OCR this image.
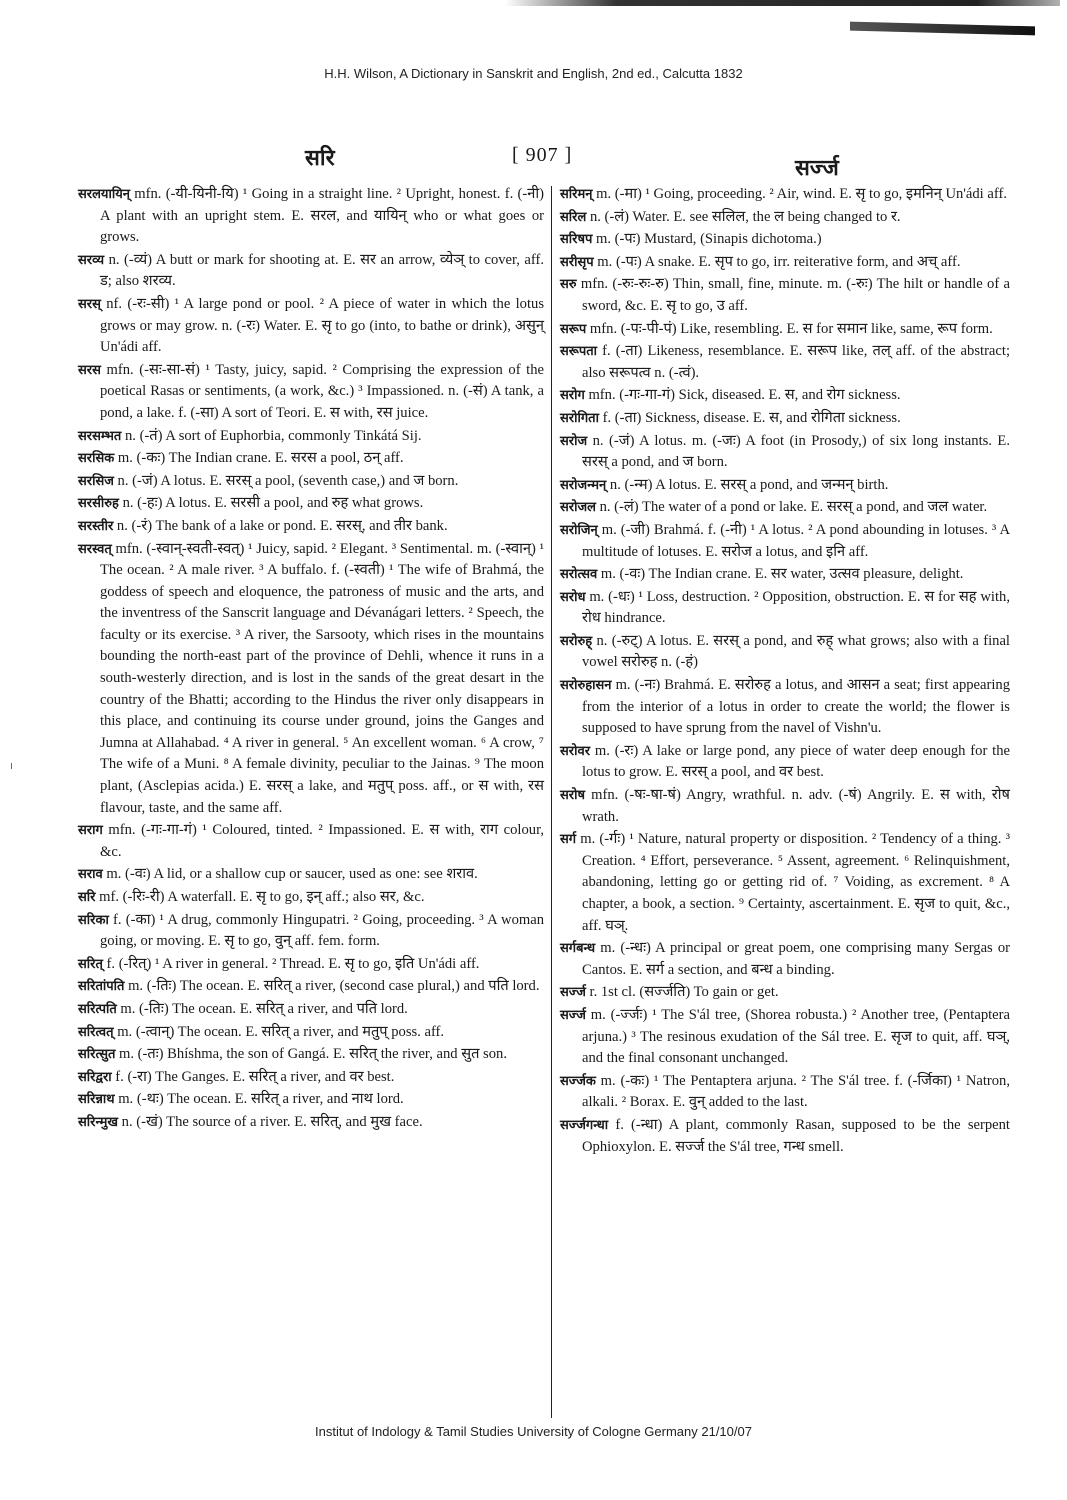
H.H. Wilson, A Dictionary in Sanskrit and English, 2nd ed., Calcutta 1832
सरि	[ 907 ]	सर्ज्ज

सरलयायिन् mfn. (-यी-यिनी-यि) ¹ Going in a straight line. ² Upright, honest. f. (-नी) A plant with an upright stem. E. सरल, and यायिन् who or what goes or grows.

सरव्य n. (-व्यं) A butt or mark for shooting at. E. सर an arrow, व्येञ् to cover, aff. ड; also शरव्य.

सरस् nf. (-रः-सी) ¹ A large pond or pool. ² A piece of water in which the lotus grows or may grow. n. (-रः) Water. E. सृ to go (into, to bathe or drink), असुन् Un'ádi aff.

सरस mfn. (-सः-सा-सं) ¹ Tasty, juicy, sapid. ² Comprising the expression of the poetical Rasas or sentiments, (a work, &c.) ³ Impassioned. n. (-सं) A tank, a pond, a lake. f. (-सा) A sort of Teori. E. स with, रस juice.

सरसम्भत n. (-तं) A sort of Euphorbia, commonly Tinkátá Sij.

सरसिक m. (-कः) The Indian crane. E. सरस a pool, ठन् aff.

सरसिज n. (-जं) A lotus. E. सरस् a pool, (seventh case,) and ज born.

सरसीरुह n. (-हः) A lotus. E. सरसी a pool, and रुह what grows.

सरस्तीर n. (-रं) The bank of a lake or pond. E. सरस्, and तीर bank.

सरस्वत् mfn. (-स्वान्-स्वती-स्वत्) ¹ Juicy, sapid. ² Elegant. ³ Sentimental. m. (-स्वान्) ¹ The ocean. ² A male river. ³ A buffalo. f. (-स्वती) ¹ The wife of Brahmá, the goddess of speech and eloquence, the patroness of music and the arts, and the inventress of the Sanscrit language and Dévanágari letters. ² Speech, the faculty or its exercise. ³ A river, the Sarsooty, which rises in the mountains bounding the north-east part of the province of Dehli, whence it runs in a south-westerly direction, and is lost in the sands of the great desart in the country of the Bhatti; according to the Hindus the river only disappears in this place, and continuing its course under ground, joins the Ganges and Jumna at Allahabad. ⁴ A river in general. ⁵ An excellent woman. ⁶ A crow, ⁷ The wife of a Muni. ⁸ A female divinity, peculiar to the Jainas. ⁹ The moon plant, (Asclepias acida.) E. सरस् a lake, and मतुप् poss. aff., or स with, रस flavour, taste, and the same aff.

सराग mfn. (-गः-गा-गं) ¹ Coloured, tinted. ² Impassioned. E. स with, राग colour, &c.

सराव m. (-वः) A lid, or a shallow cup or saucer, used as one: see शराव.

सरि mf. (-रिः-री) A waterfall. E. सृ to go, इन् aff.; also सर, &c.

सरिका f. (-का) ¹ A drug, commonly Hingupatri. ² Going, proceeding. ³ A woman going, or moving. E. सृ to go, वुन् aff. fem. form.

सरित् f. (-रित्) ¹ A river in general. ² Thread. E. सृ to go, इति Un'ádi aff.

सरितांपति m. (-तिः) The ocean. E. सरित् a river, (second case plural,) and पति lord.

सरित्पति m. (-तिः) The ocean. E. सरित् a river, and पति lord.

सरित्वत् m. (-त्वान्) The ocean. E. सरित् a river, and मतुप् poss. aff.

सरित्सुत m. (-तः) Bhíshma, the son of Gangá. E. सरित् the river, and सुत son.

सरिद्वरा f. (-रा) The Ganges. E. सरित् a river, and वर best.

सरिन्नाथ m. (-थः) The ocean. E. सरित् a river, and नाथ lord.

सरिन्मुख n. (-खं) The source of a river. E. सरित्, and मुख face.

सरिमन् m. (-मा) ¹ Going, proceeding. ² Air, wind. E. सृ to go, इमनिन् Un'ádi aff.

सरिल n. (-लं) Water. E. see सलिल, the ल being changed to र.

सरिषप m. (-पः) Mustard, (Sinapis dichotoma.)

सरीसृप m. (-पः) A snake. E. सृप to go, irr. reiterative form, and अच् aff.

सरु mfn. (-रुः-रुः-रु) Thin, small, fine, minute. m. (-रुः) The hilt or handle of a sword, &c. E. सृ to go, उ aff.

सरूप mfn. (-पः-पी-पं) Like, resembling. E. स for समान like, same, रूप form.

सरूपता f. (-ता) Likeness, resemblance. E. सरूप like, तल् aff. of the abstract; also सरूपत्व n. (-त्वं).

सरोग mfn. (-गः-गा-गं) Sick, diseased. E. स, and रोग sickness.

सरोगिता f. (-ता) Sickness, disease. E. स, and रोगिता sickness.

सरोज n. (-जं) A lotus. m. (-जः) A foot (in Prosody,) of six long instants. E. सरस् a pond, and ज born.

सरोजन्मन् n. (-न्म) A lotus. E. सरस् a pond, and जन्मन् birth.

सरोजल n. (-लं) The water of a pond or lake. E. सरस् a pond, and जल water.

सरोजिन् m. (-जी) Brahmá. f. (-नी) ¹ A lotus. ² A pond abounding in lotuses. ³ A multitude of lotuses. E. सरोज a lotus, and इनि aff.

सरोत्सव m. (-वः) The Indian crane. E. सर water, उत्सव pleasure, delight.

सरोध m. (-धः) ¹ Loss, destruction. ² Opposition, obstruction. E. स for सह with, रोध hindrance.

सरोरुह् n. (-रुट्) A lotus. E. सरस् a pond, and रुह् what grows; also with a final vowel सरोरुह n. (-हं)

सरोरुहासन m. (-नः) Brahmá. E. सरोरुह a lotus, and आसन a seat; first appearing from the interior of a lotus in order to create the world; the flower is supposed to have sprung from the navel of Vishn'u.

सरोवर m. (-रः) A lake or large pond, any piece of water deep enough for the lotus to grow. E. सरस् a pool, and वर best.

सरोष mfn. (-षः-षा-षं) Angry, wrathful. n. adv. (-षं) Angrily. E. स with, रोष wrath.

सर्ग m. (-र्गः) ¹ Nature, natural property or disposition. ² Tendency of a thing. ³ Creation. ⁴ Effort, perseverance. ⁵ Assent, agreement. ⁶ Relinquishment, abandoning, letting go or getting rid of. ⁷ Voiding, as excrement. ⁸ A chapter, a book, a section. ⁹ Certainty, ascertainment. E. सृज to quit, &c., aff. घञ्.

सर्गबन्ध m. (-न्धः) A principal or great poem, one comprising many Sergas or Cantos. E. सर्ग a section, and बन्ध a binding.

सर्ज्ज r. 1st cl. (सर्ज्जति) To gain or get.

सर्ज्ज m. (-र्ज्जः) ¹ The S'ál tree, (Shorea robusta.) ² Another tree, (Pentaptera arjuna.) ³ The resinous exudation of the Sál tree. E. सृज to quit, aff. घञ्, and the final consonant unchanged.

सर्ज्जक m. (-कः) ¹ The Pentaptera arjuna. ² The S'ál tree. f. (-र्जिका) ¹ Natron, alkali. ² Borax. E. वुन् added to the last.

सर्ज्जगन्धा f. (-न्धा) A plant, commonly Rasan, supposed to be the serpent Ophioxylon. E. सर्ज्ज the S'ál tree, गन्ध smell.

Institut of Indology & Tamil Studies University of Cologne Germany 21/10/07
